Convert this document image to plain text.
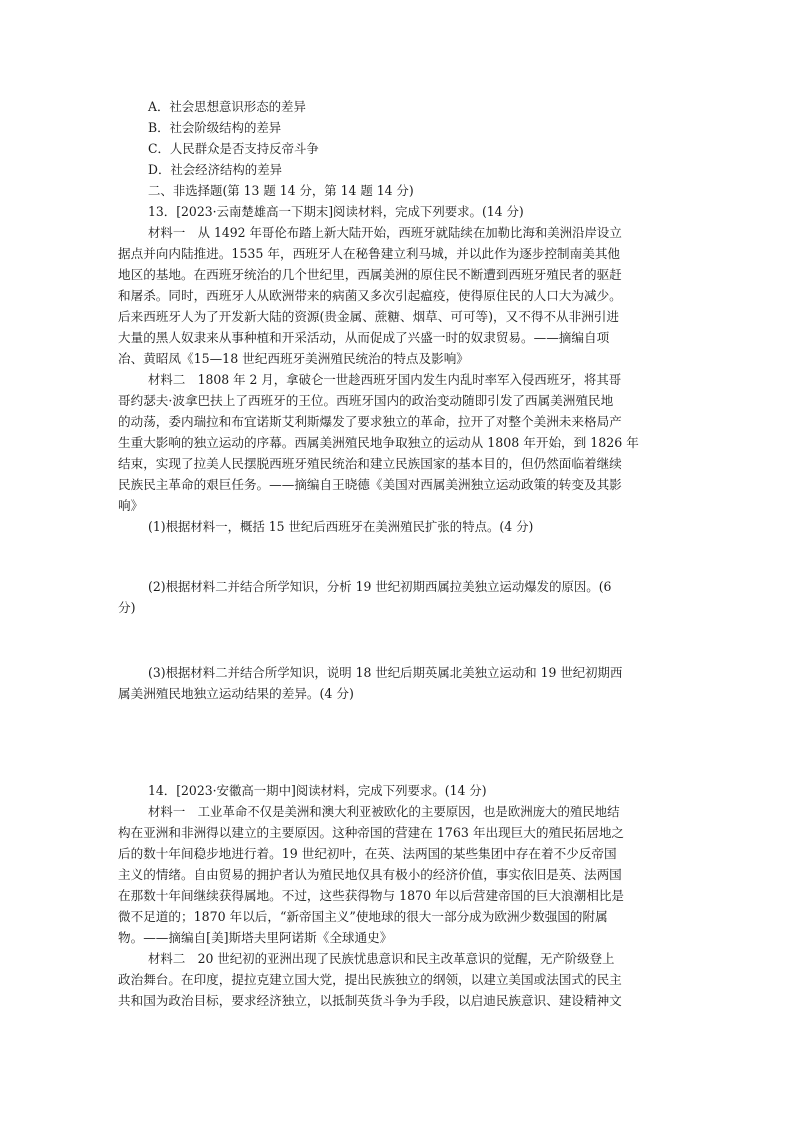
A．社会思想意识形态的差异
B．社会阶级结构的差异
C．人民群众是否支持反帝斗争
D．社会经济结构的差异
二、非选择题(第 13 题 14 分，第 14 题 14 分)
13．[2023·云南楚雄高一下期末]阅读材料，完成下列要求。(14 分)
材料一　从 1492 年哥伦布踏上新大陆开始，西班牙就陆续在加勒比海和美洲沿岸设立
据点并向内陆推进。1535 年，西班牙人在秘鲁建立利马城，并以此作为逐步控制南美其他
地区的基地。在西班牙统治的几个世纪里，西属美洲的原住民不断遭到西班牙殖民者的驱赶
和屠杀。同时，西班牙人从欧洲带来的病菌又多次引起瘟疫，使得原住民的人口大为减少。
后来西班牙人为了开发新大陆的资源(贵金属、蔗糖、烟草、可可等)，又不得不从非洲引进
大量的黑人奴隶来从事种植和开采活动，从而促成了兴盛一时的奴隶贸易。——摘编自项
冶、黄昭凤《15—18 世纪西班牙美洲殖民统治的特点及影响》
材料二　1808 年 2 月，拿破仑一世趁西班牙国内发生内乱时率军入侵西班牙，将其哥
哥约瑟夫·波拿巴扶上了西班牙的王位。西班牙国内的政治变动随即引发了西属美洲殖民地
的动荡，委内瑞拉和布宜诺斯艾利斯爆发了要求独立的革命，拉开了对整个美洲未来格局产
生重大影响的独立运动的序幕。西属美洲殖民地争取独立的运动从 1808 年开始，到 1826 年
结束，实现了拉美人民摆脱西班牙殖民统治和建立民族国家的基本目的，但仍然面临着继续
民族民主革命的艰巨任务。——摘编自王晓德《美国对西属美洲独立运动政策的转变及其影
响》
(1)根据材料一，概括 15 世纪后西班牙在美洲殖民扩张的特点。(4 分)
(2)根据材料二并结合所学知识，分析 19 世纪初期西属拉美独立运动爆发的原因。(6
分)
(3)根据材料二并结合所学知识，说明 18 世纪后期英属北美独立运动和 19 世纪初期西
属美洲殖民地独立运动结果的差异。(4 分)
14．[2023·安徽高一期中]阅读材料，完成下列要求。(14 分)
材料一　工业革命不仅是美洲和澳大利亚被欧化的主要原因，也是欧洲庞大的殖民地结
构在亚洲和非洲得以建立的主要原因。这种帝国的营建在 1763 年出现巨大的殖民拓居地之
后的数十年间稳步地进行着。19 世纪初叶，在英、法两国的某些集团中存在着不少反帝国
主义的情绪。自由贸易的拥护者认为殖民地仅具有极小的经济价值，事实依旧是英、法两国
在那数十年间继续获得属地。不过，这些获得物与 1870 年以后营建帝国的巨大浪潮相比是
微不足道的；1870 年以后，“新帝国主义”使地球的很大一部分成为欧洲少数强国的附属
物。——摘编自[美]斯塔夫里阿诺斯《全球通史》
材料二　20 世纪初的亚洲出现了民族忧患意识和民主改革意识的觉醒，无产阶级登上
政治舞台。在印度，提拉克建立国大党，提出民族独立的纲领，以建立美国或法国式的民主
共和国为政治目标，要求经济独立，以抵制英货斗争为手段，以启迪民族意识、建设精神文
